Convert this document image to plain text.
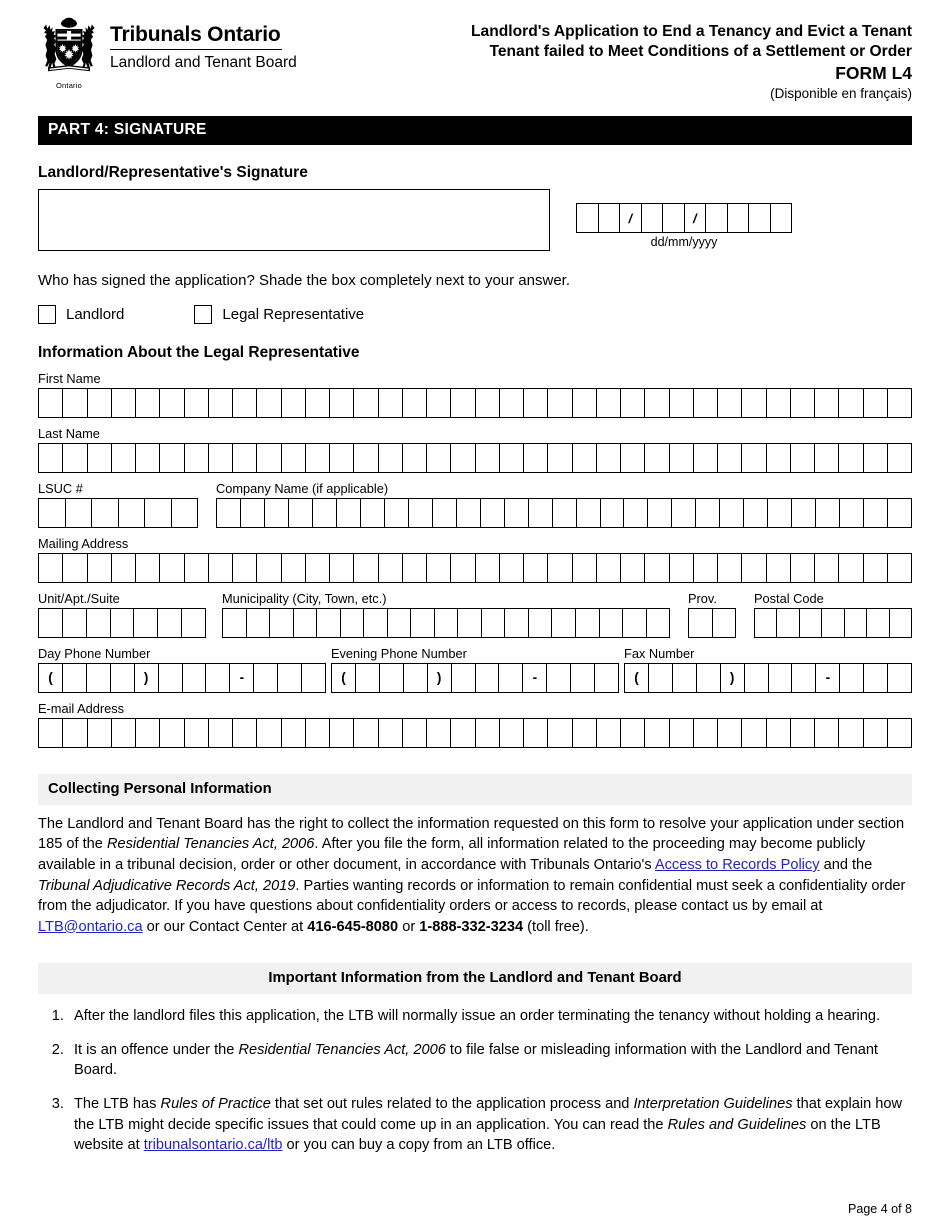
Ontario
Tribunals Ontario
Landlord and Tenant Board
Landlord's Application to End a Tenancy and Evict a Tenant
Tenant failed to Meet Conditions of a Settlement or Order
FORM L4
(Disponible en français)
PART 4: SIGNATURE
Landlord/Representative's Signature
/	/
dd/mm/yyyy
Who has signed the application? Shade the box completely next to your answer.
Landlord	Legal Representative
Information About the Legal Representative
First Name
Last Name
LSUC #	Company Name (if applicable)
Mailing Address
Unit/Apt./Suite	Municipality (City, Town, etc.)	Prov.	Postal Code
Day Phone Number
(	)	-
Evening Phone Number
(	)	-
Fax Number
(	)	-
E-mail Address
Collecting Personal Information
The Landlord and Tenant Board has the right to collect the information requested on this form to resolve your application under section 185 of the Residential Tenancies Act, 2006. After you file the form, all information related to the proceeding may become publicly available in a tribunal decision, order or other document, in accordance with Tribunals Ontario's Access to Records Policy and the Tribunal Adjudicative Records Act, 2019. Parties wanting records or information to remain confidential must seek a confidentiality order from the adjudicator. If you have questions about confidentiality orders or access to records, please contact us by email at LTB@ontario.ca or our Contact Center at 416-645-8080 or 1-888-332-3234 (toll free).
Important Information from the Landlord and Tenant Board
1. After the landlord files this application, the LTB will normally issue an order terminating the tenancy without holding a hearing.
2. It is an offence under the Residential Tenancies Act, 2006 to file false or misleading information with the Landlord and Tenant Board.
3. The LTB has Rules of Practice that set out rules related to the application process and Interpretation Guidelines that explain how the LTB might decide specific issues that could come up in an application. You can read the Rules and Guidelines on the LTB website at tribunalsontario.ca/ltb or you can buy a copy from an LTB office.
Page 4 of 8
